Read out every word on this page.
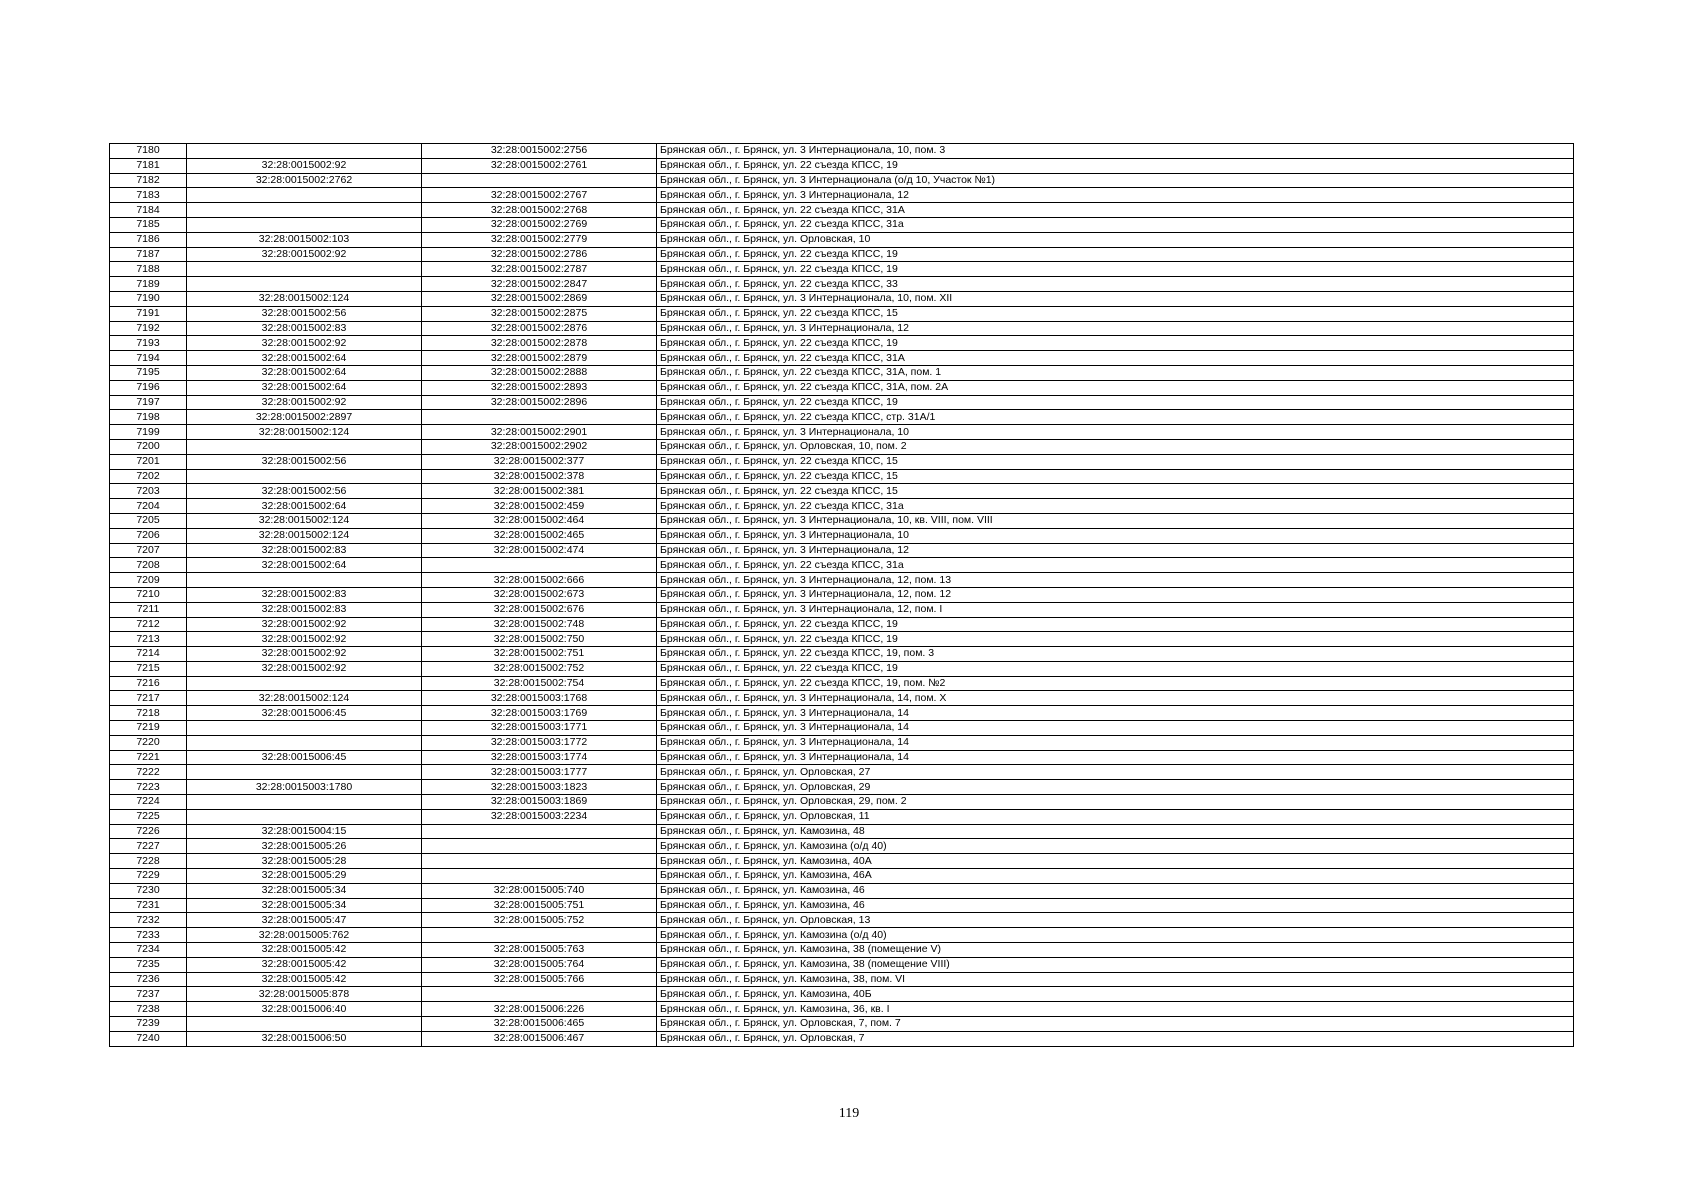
7180		32:28:0015002:2756	Брянская обл., г. Брянск, ул. 3 Интернационала, 10, пом. 3
7181	32:28:0015002:92	32:28:0015002:2761	Брянская обл., г. Брянск, ул. 22 съезда КПСС, 19
7182	32:28:0015002:2762		Брянская обл., г. Брянск, ул. 3 Интернационала (о/д 10, Участок №1)
7183		32:28:0015002:2767	Брянская обл., г. Брянск, ул. 3 Интернационала, 12
7184		32:28:0015002:2768	Брянская обл., г. Брянск, ул. 22 съезда КПСС, 31А
7185		32:28:0015002:2769	Брянская обл., г. Брянск, ул. 22 съезда КПСС, 31а
7186	32:28:0015002:103	32:28:0015002:2779	Брянская обл., г. Брянск, ул. Орловская, 10
7187	32:28:0015002:92	32:28:0015002:2786	Брянская обл., г. Брянск, ул. 22 съезда КПСС, 19
7188		32:28:0015002:2787	Брянская обл., г. Брянск, ул. 22 съезда КПСС, 19
7189		32:28:0015002:2847	Брянская обл., г. Брянск, ул. 22 съезда КПСС, 33
7190	32:28:0015002:124	32:28:0015002:2869	Брянская обл., г. Брянск, ул. 3 Интернационала, 10, пом. XII
7191	32:28:0015002:56	32:28:0015002:2875	Брянская обл., г. Брянск, ул. 22 съезда КПСС, 15
7192	32:28:0015002:83	32:28:0015002:2876	Брянская обл., г. Брянск, ул. 3 Интернационала, 12
7193	32:28:0015002:92	32:28:0015002:2878	Брянская обл., г. Брянск, ул. 22 съезда КПСС, 19
7194	32:28:0015002:64	32:28:0015002:2879	Брянская обл., г. Брянск, ул. 22 съезда КПСС, 31А
7195	32:28:0015002:64	32:28:0015002:2888	Брянская обл., г. Брянск, ул. 22 съезда КПСС, 31А, пом. 1
7196	32:28:0015002:64	32:28:0015002:2893	Брянская обл., г. Брянск, ул. 22 съезда КПСС, 31А, пом. 2А
7197	32:28:0015002:92	32:28:0015002:2896	Брянская обл., г. Брянск, ул. 22 съезда КПСС, 19
7198	32:28:0015002:2897		Брянская обл., г. Брянск, ул. 22 съезда КПСС, стр. 31А/1
7199	32:28:0015002:124	32:28:0015002:2901	Брянская обл., г. Брянск, ул. 3 Интернационала, 10
7200		32:28:0015002:2902	Брянская обл., г. Брянск, ул. Орловская, 10, пом. 2
7201	32:28:0015002:56	32:28:0015002:377	Брянская обл., г. Брянск, ул. 22 съезда КПСС, 15
7202		32:28:0015002:378	Брянская обл., г. Брянск, ул. 22 съезда КПСС, 15
7203	32:28:0015002:56	32:28:0015002:381	Брянская обл., г. Брянск, ул. 22 съезда КПСС, 15
7204	32:28:0015002:64	32:28:0015002:459	Брянская обл., г. Брянск, ул. 22 съезда КПСС, 31а
7205	32:28:0015002:124	32:28:0015002:464	Брянская обл., г. Брянск, ул. 3 Интернационала, 10, кв. VIII, пом. VIII
7206	32:28:0015002:124	32:28:0015002:465	Брянская обл., г. Брянск, ул. 3 Интернационала, 10
7207	32:28:0015002:83	32:28:0015002:474	Брянская обл., г. Брянск, ул. 3 Интернационала, 12
7208	32:28:0015002:64		Брянская обл., г. Брянск, ул. 22 съезда КПСС, 31а
7209		32:28:0015002:666	Брянская обл., г. Брянск, ул. 3 Интернационала, 12, пом. 13
7210	32:28:0015002:83	32:28:0015002:673	Брянская обл., г. Брянск, ул. 3 Интернационала, 12, пом. 12
7211	32:28:0015002:83	32:28:0015002:676	Брянская обл., г. Брянск, ул. 3 Интернационала, 12, пом. I
7212	32:28:0015002:92	32:28:0015002:748	Брянская обл., г. Брянск, ул. 22 съезда КПСС, 19
7213	32:28:0015002:92	32:28:0015002:750	Брянская обл., г. Брянск, ул. 22 съезда КПСС, 19
7214	32:28:0015002:92	32:28:0015002:751	Брянская обл., г. Брянск, ул. 22 съезда КПСС, 19, пом. 3
7215	32:28:0015002:92	32:28:0015002:752	Брянская обл., г. Брянск, ул. 22 съезда КПСС, 19
7216		32:28:0015002:754	Брянская обл., г. Брянск, ул. 22 съезда КПСС, 19, пом. №2
7217	32:28:0015002:124	32:28:0015003:1768	Брянская обл., г. Брянск, ул. 3 Интернационала, 14, пом. X
7218	32:28:0015006:45	32:28:0015003:1769	Брянская обл., г. Брянск, ул. 3 Интернационала, 14
7219		32:28:0015003:1771	Брянская обл., г. Брянск, ул. 3 Интернационала, 14
7220		32:28:0015003:1772	Брянская обл., г. Брянск, ул. 3 Интернационала, 14
7221	32:28:0015006:45	32:28:0015003:1774	Брянская обл., г. Брянск, ул. 3 Интернационала, 14
7222		32:28:0015003:1777	Брянская обл., г. Брянск, ул. Орловская, 27
7223	32:28:0015003:1780	32:28:0015003:1823	Брянская обл., г. Брянск, ул. Орловская, 29
7224		32:28:0015003:1869	Брянская обл., г. Брянск, ул. Орловская, 29, пом. 2
7225		32:28:0015003:2234	Брянская обл., г. Брянск, ул. Орловская, 11
7226	32:28:0015004:15		Брянская обл., г. Брянск, ул. Камозина, 48
7227	32:28:0015005:26		Брянская обл., г. Брянск, ул. Камозина (о/д 40)
7228	32:28:0015005:28		Брянская обл., г. Брянск, ул. Камозина, 40А
7229	32:28:0015005:29		Брянская обл., г. Брянск, ул. Камозина, 46А
7230	32:28:0015005:34	32:28:0015005:740	Брянская обл., г. Брянск, ул. Камозина, 46
7231	32:28:0015005:34	32:28:0015005:751	Брянская обл., г. Брянск, ул. Камозина, 46
7232	32:28:0015005:47	32:28:0015005:752	Брянская обл., г. Брянск, ул. Орловская, 13
7233	32:28:0015005:762		Брянская обл., г. Брянск, ул. Камозина (о/д 40)
7234	32:28:0015005:42	32:28:0015005:763	Брянская обл., г. Брянск, ул. Камозина, 38 (помещение V)
7235	32:28:0015005:42	32:28:0015005:764	Брянская обл., г. Брянск, ул. Камозина, 38 (помещение VIII)
7236	32:28:0015005:42	32:28:0015005:766	Брянская обл., г. Брянск, ул. Камозина, 38, пом. VI
7237	32:28:0015005:878		Брянская обл., г. Брянск, ул. Камозина, 40Б
7238	32:28:0015006:40	32:28:0015006:226	Брянская обл., г. Брянск, ул. Камозина, 36, кв. I
7239		32:28:0015006:465	Брянская обл., г. Брянск, ул. Орловская, 7, пом. 7
7240	32:28:0015006:50	32:28:0015006:467	Брянская обл., г. Брянск, ул. Орловская, 7
119
